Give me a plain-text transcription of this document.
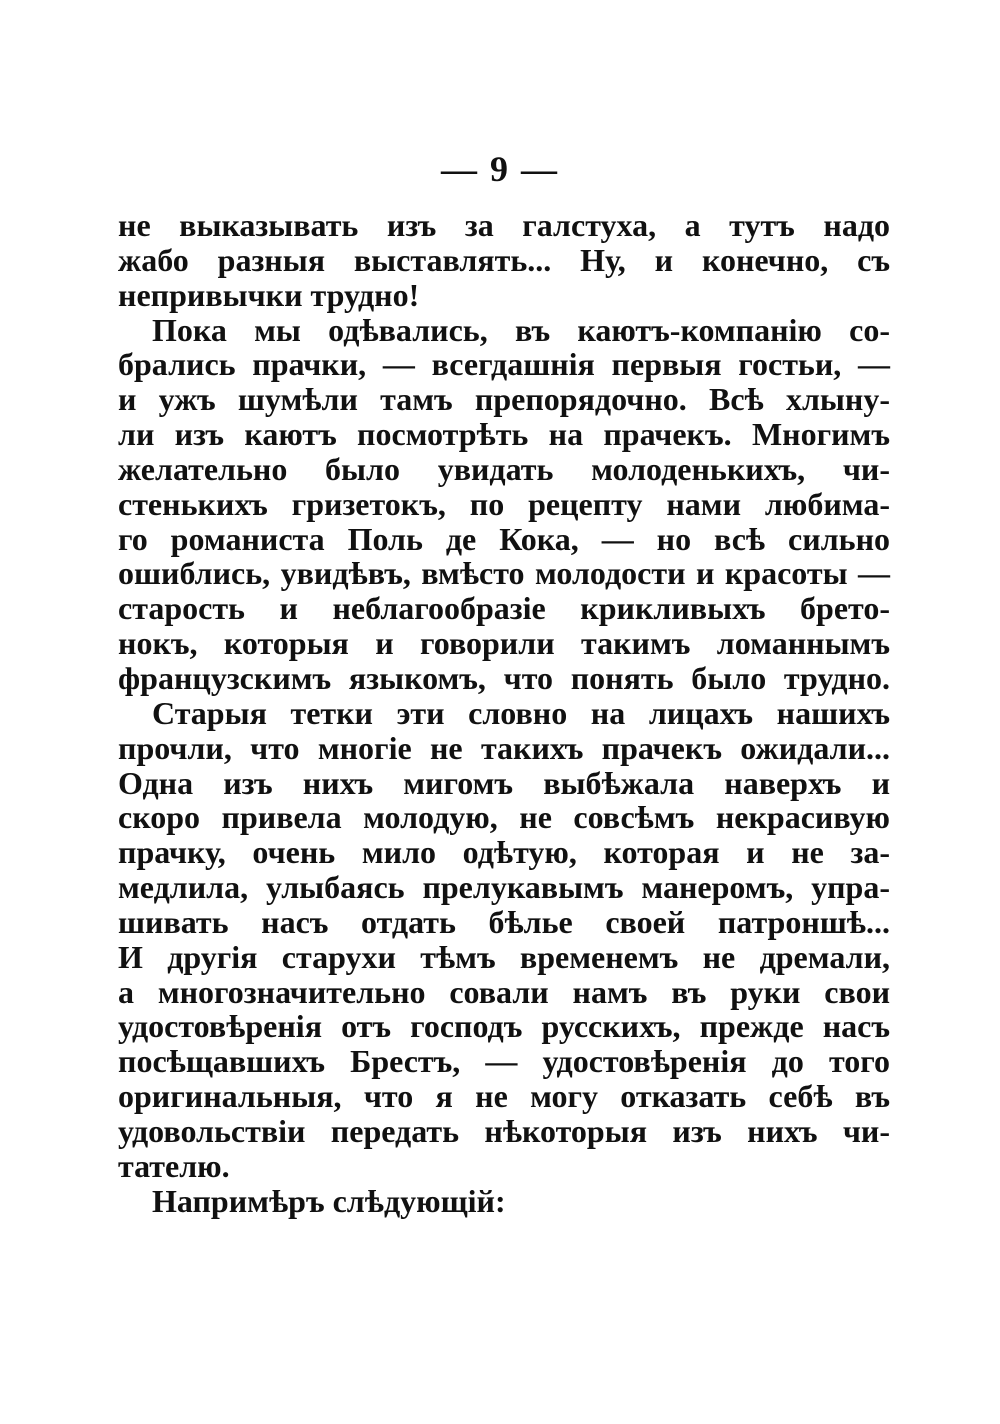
— 9 —
не выказывать изъ за галстуха, а тутъ надо
жабо разныя выставлять... Ну, и конечно, съ
непривычки трудно!
Пока мы одѣвались, въ каютъ-компанію со-
брались прачки, — всегдашнія первыя гостьи, —
и ужъ шумѣли тамъ препорядочно. Всѣ хлыну-
ли изъ каютъ посмотрѣть на прачекъ. Многимъ
желательно было увидать молоденькихъ, чи-
стенькихъ гризетокъ, по рецепту нами любима-
го романиста Поль де Кока, — но всѣ сильно
ошиблись, увидѣвъ, вмѣсто молодости и красоты —
старость и неблагообразіе крикливыхъ брето-
нокъ, которыя и говорили такимъ ломаннымъ
французскимъ языкомъ, что понять было трудно.
Старыя тетки эти словно на лицахъ нашихъ
прочли, что многіе не такихъ прачекъ ожидали...
Одна изъ нихъ мигомъ выбѣжала наверхъ и
скоро привела молодую, не совсѣмъ некрасивую
прачку, очень мило одѣтую, которая и не за-
медлила, улыбаясь прелукавымъ манеромъ, упра-
шивать насъ отдать бѣлье своей патроншѣ...
И другія старухи тѣмъ временемъ не дремали,
а многозначительно совали намъ въ руки свои
удостовѣренія отъ господъ русскихъ, прежде насъ
посѣщавшихъ Брестъ, — удостовѣренія до того
оригинальныя, что я не могу отказать себѣ въ
удовольствіи передать нѣкоторыя изъ нихъ чи-
тателю.
Напримѣръ слѣдующій:
